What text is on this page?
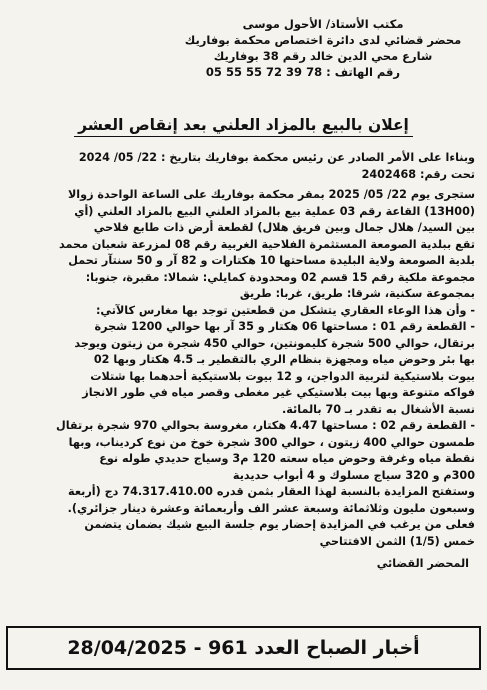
مكتب الأستاذ/ الأحول موسى
محضر قضائي لدى دائرة اختصاص محكمة بوفاريك
شارع محي الدين خالد رقم 38 بوفاريك
رقم الهاتف : 78 39 72 55 55 05
إعلان بالبيع بالمزاد العلني بعد إنقاص العشر
وبناءا على الأمر الصادر عن رئيس محكمة بوفاريك بتاريخ : 22/ 05/ 2024
تحت رقم: 2402468
ستجرى يوم 22/ 05/ 2025 بمقر محكمة بوفاريك على الساعة الواحدة زوالا
(13H00) القاعة رقم 03 عملية بيع بالمزاد العلني البيع بالمزاد العلني (أي
بين السيد/ هلال جمال وبين فريق هلال) لقطعة أرض ذات طابع فلاحي
تقع ببلدية الصومعة المستثمرة الفلاحية الغربية رقم 08 لمزرعة شعبان محمد
بلدية الصومعة ولاية البليدة مساحتها 10 هكتارات و 82 آر و 50 سنتآر تحمل
مجموعة ملكية رقم 15 قسم 02 ومحدودة كمايلي: شمالا: مقبرة، جنوبا:
بمجموعة سكنية، شرقا: طريق، غربا: طريق
- وأن هذا الوعاء العقاري يتشكل من قطعتين توجد بها مغارس كالآتي:
- القطعة رقم 01 : مساحتها 06 هكتار و 35 آر بها حوالي 1200 شجرة
برتقال، حوالي 500 شجرة كليمونتين، حوالي 450 شجرة من زيتون ويوجد
بها بئر وحوض مياه ومجهزة بنظام الري بالتقطير بـ 4.5 هكتار وبها 02
بيوت بلاستيكية لتربية الدواجن، و 12 بيوت بلاستيكية أحدهما بها شتلات
فواكه متنوعة وبها بيت بلاستيكي غير مغطى وقصر مياه في طور الانجاز
نسبة الأشغال به تقدر بـ 70 بالمائة.
- القطعة رقم 02 : مساحتها 4.47 هكتار، مغروسة بحوالي 970 شجرة برتقال
طمسون حوالي 400 زيتون ، حوالي 300 شجرة خوخ من نوع كرديناب، وبها
نقطة مياه وغرفة وحوض مياه سعته 120 م3 وسياج حديدي طوله نوع
300م و 320 سياج مسلوك و 4 أبواب حديدية
وستفتح المزايدة بالنسبة لهذا العقار بثمن قدره 74.317.410.00 دج (أربعة
وسبعون مليون وثلاثمائة وسبعة عشر الف وأربعمائة وعشرة دينار جزائري).
فعلى من يرغب في المزايدة إحضار يوم جلسة البيع شيك بضمان يتضمن
خمس (1/5) الثمن الافتتاحي
المحضر القضائي
أخبار الصباح العدد 961 - 28/04/2025
